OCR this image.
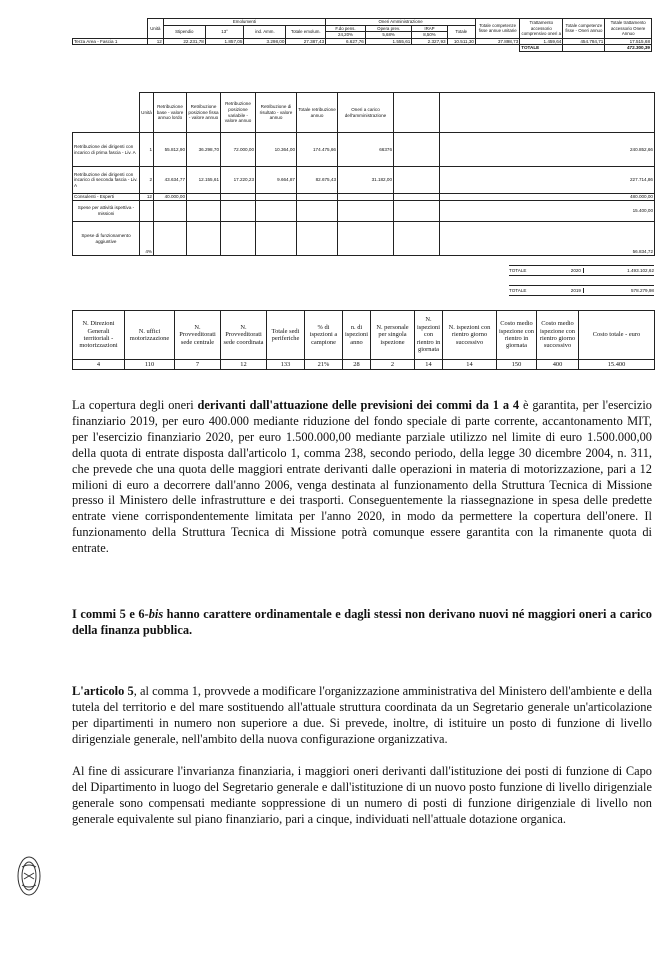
	Unità	Emolumenti				Oneri Amministrazione				Totale competenze fisse annue unitarie	Trattamento accessorio comprensivo oneri a	Totale competenze fisse - Oneri annuo	Totale trattamento accessorio Onere Annuo
		Stipendio	13°	ind. Amm.	Totale emolum.	F.do pens.	Opera prev.	IRAP	Totale				
						24,20%	5,68%	8,50%					
Terza Area - Fascia 1	12	22.231,78	1.857,05	3.298,00	27.387,43	6.627,76	1.555,61	2.327,93	10.511,30	37.898,73	1.459,64	454.784,71	17.515,68
											TOTALE		472.300,39
	Unità	Retribuzione base - valore annuo lordo	Retribuzione posizione fissa - valore annuo	Retribuzione posizione variabile - valore annuo	Retribuzione di risultato - valore annuo	Totale retribuzione annuo	Oneri a carico dell'amministrazione		
Retribuzione dei dirigenti con incarico di prima fascia - Liv. A	1	55.812,90	36.298,70	72.000,00	10.364,00	174.475,66	66376		240.852,66
Retribuzione dei dirigenti con incarico di seconda fascia - Liv. A	2	43.634,77	12.155,61	17.220,23	9.664,87	82.675,43	31.182,00		227.714,86
Consulenti - Esperti	12	40.000,00							480.000,00
Spese per attività ispettiva - missioni									15.400,00
Spese di funzionamento aggiuntive	4%								56.834,72
TOTALE	2020	1.493.102,62
TOTALE	2019	578.279,98
N. Direzioni Generali territoriali - motorizzazioni	N. uffici motorizzazione	N. Provveditorati sede centrale	N. Provveditorati sede coordinata	Totale sedi periferiche	% di ispezioni a campione	n. di ispezioni anno	N. personale per singola ispezione	N. ispezioni con rientro in giornata	N. ispezioni con rientro giorno successivo	Costo medio ispezione con rientro in giornata	Costo medio ispezione con rientro giorno successivo	Costo totale - euro
4	110	7	12	133	21%	28	2	14	14	150	400	15.400
La copertura degli oneri derivanti dall'attuazione delle previsioni dei commi da 1 a 4 è garantita, per l'esercizio finanziario 2019, per euro 400.000 mediante riduzione del fondo speciale di parte corrente, accantonamento MIT, per l'esercizio finanziario 2020, per euro 1.500.000,00 mediante parziale utilizzo nel limite di euro 1.500.000,00 della quota di entrate disposta dall'articolo 1, comma 238, secondo periodo, della legge 30 dicembre 2004, n. 311, che prevede che una quota delle maggiori entrate derivanti dalle operazioni in materia di motorizzazione, pari a 12 milioni di euro a decorrere dall'anno 2006, venga destinata al funzionamento della Struttura Tecnica di Missione presso il Ministero delle infrastrutture e dei trasporti. Conseguentemente la riassegnazione in spesa delle predette entrate viene corrispondentemente limitata per l'anno 2020, in modo da permettere la copertura dell'onere. Il funzionamento della Struttura Tecnica di Missione potrà comunque essere garantita con la rimanente quota di entrate.
I commi 5 e 6-bis hanno carattere ordinamentale e dagli stessi non derivano nuovi né maggiori oneri a carico della finanza pubblica.
L'articolo 5, al comma 1, provvede a modificare l'organizzazione amministrativa del Ministero dell'ambiente e della tutela del territorio e del mare sostituendo all'attuale struttura coordinata da un Segretario generale un'articolazione per dipartimenti in numero non superiore a due. Si prevede, inoltre, di istituire un posto di funzione di livello dirigenziale generale, nell'ambito della nuova configurazione organizzativa.
Al fine di assicurare l'invarianza finanziaria, i maggiori oneri derivanti dall'istituzione dei posti di funzione di Capo del Dipartimento in luogo del Segretario generale e dall'istituzione di un nuovo posto funzione di livello dirigenziale generale sono compensati mediante soppressione di un numero di posti di funzione dirigenziale di livello non generale equivalente sul piano finanziario, pari a cinque, individuati nell'attuale dotazione organica.
